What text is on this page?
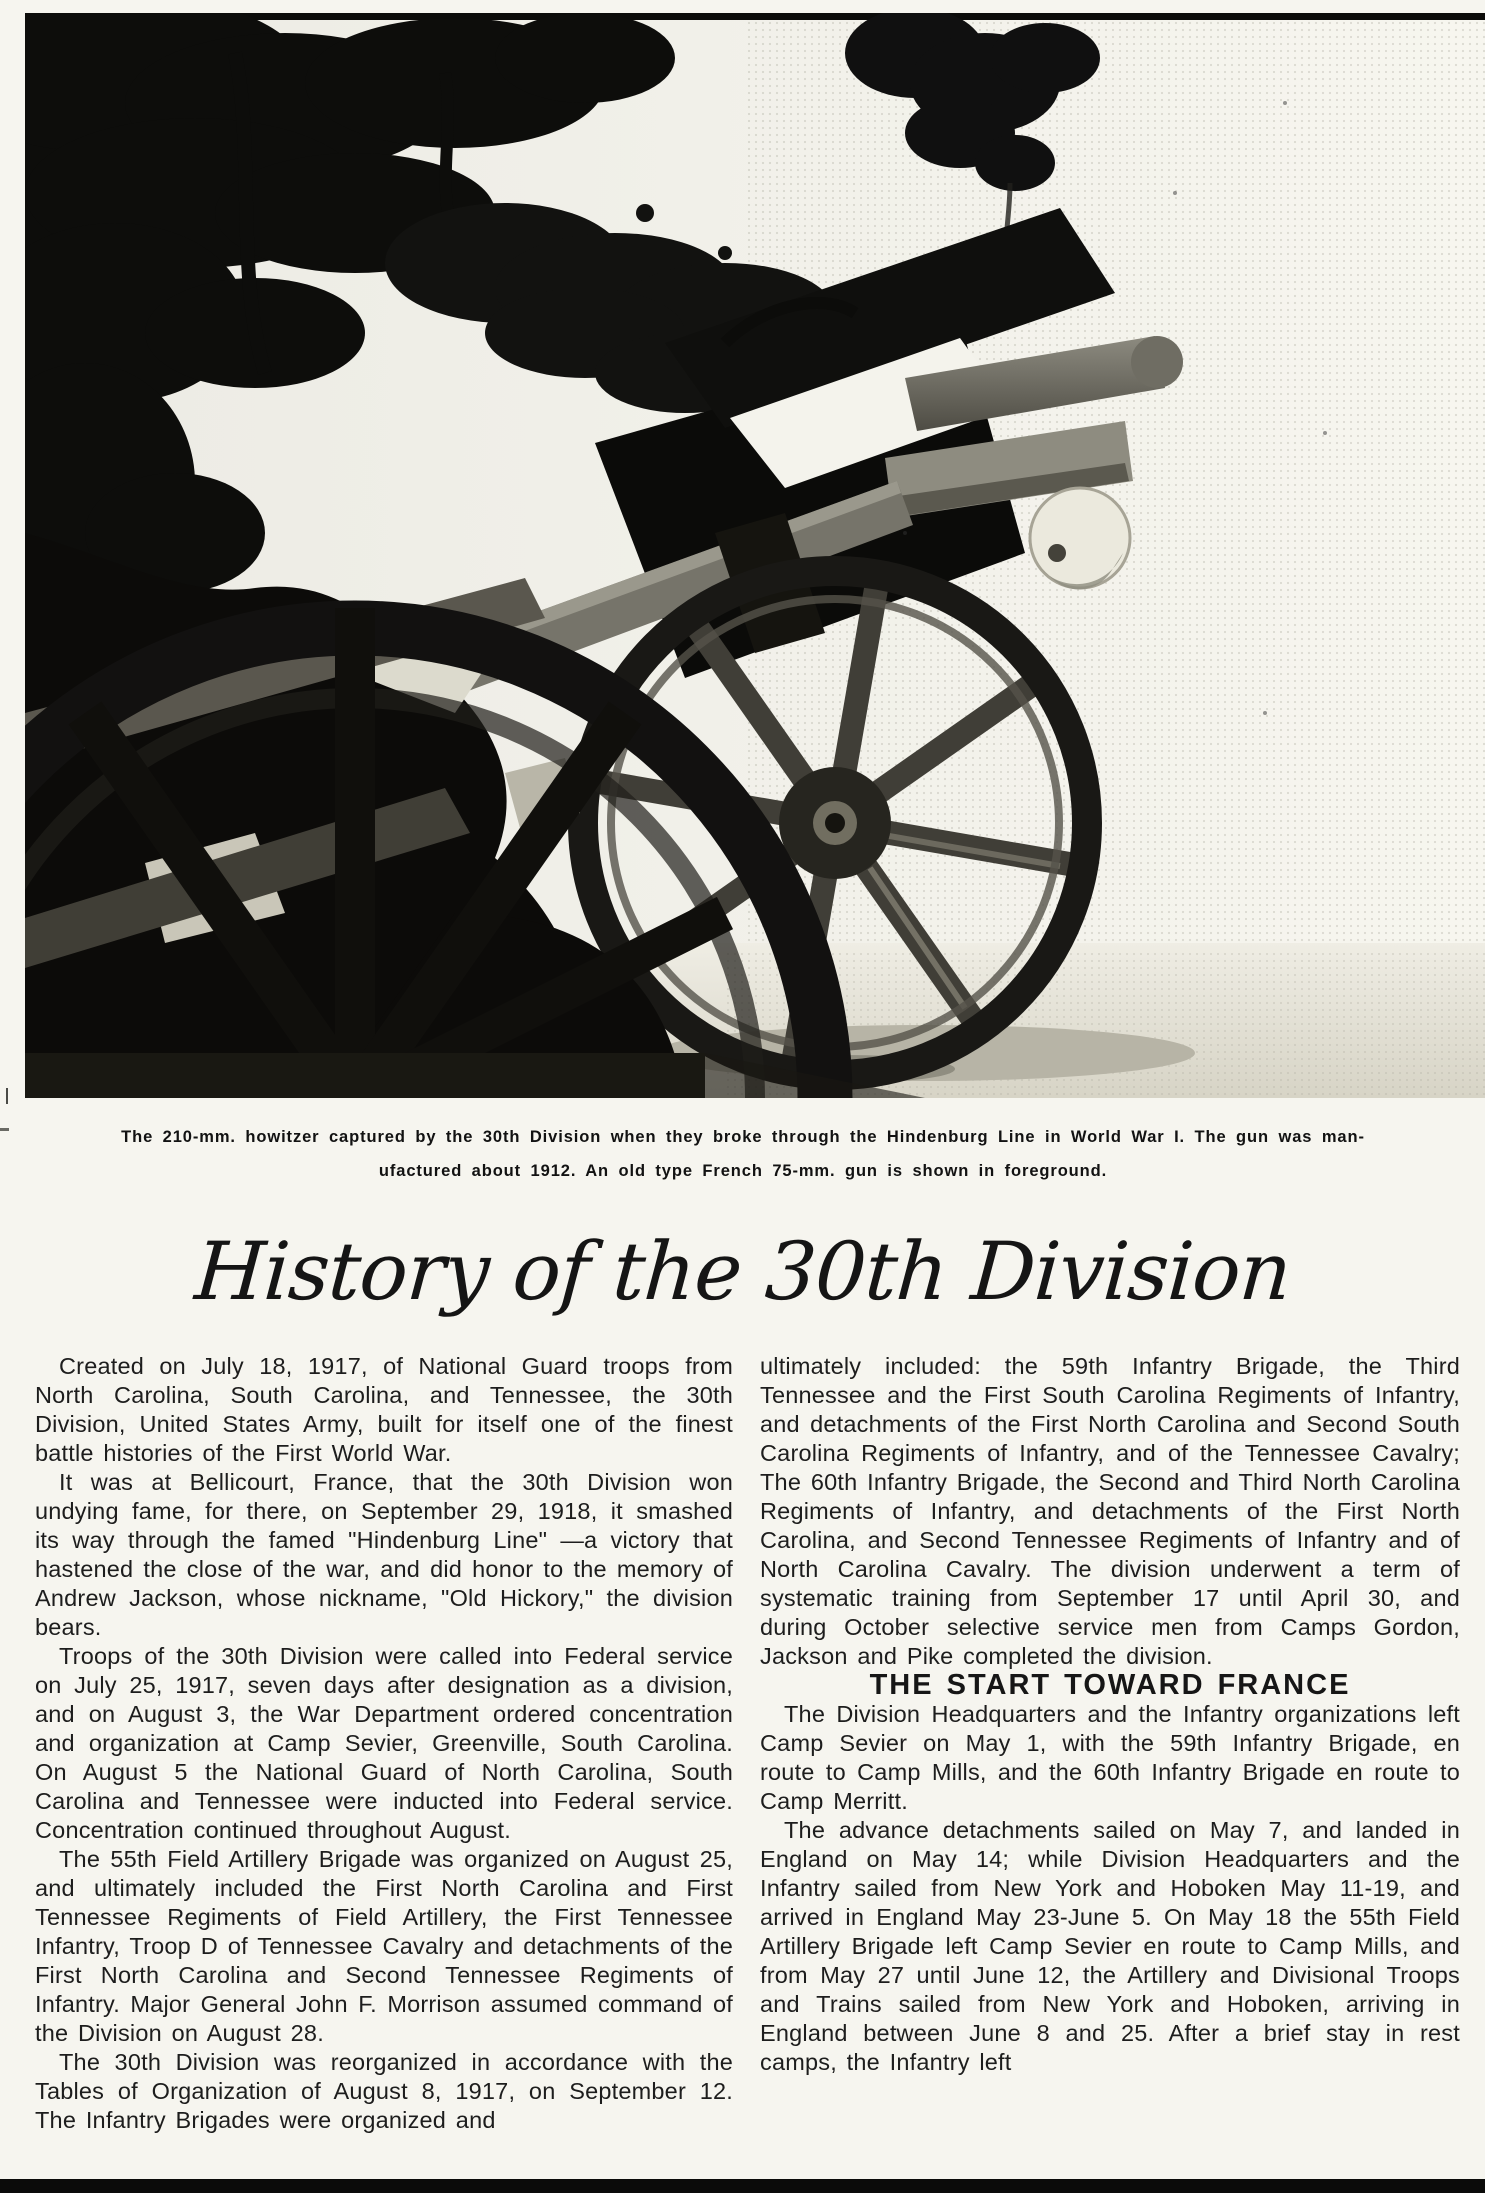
The 210-mm. howitzer captured by the 30th Division when they broke through the Hindenburg Line in World War I. The gun was man-
ufactured about 1912. An old type French 75-mm. gun is shown in foreground.
History of the 30th Division

Created on July 18, 1917, of National Guard troops from North Carolina, South Carolina, and Tennessee, the 30th Division, United States Army, built for itself one of the finest battle histories of the First World War.

It was at Bellicourt, France, that the 30th Division won undying fame, for there, on September 29, 1918, it smashed its way through the famed "Hindenburg Line" —a victory that hastened the close of the war, and did honor to the memory of Andrew Jackson, whose nickname, "Old Hickory," the division bears.

Troops of the 30th Division were called into Federal service on July 25, 1917, seven days after designation as a division, and on August 3, the War Department ordered concentration and organization at Camp Sevier, Greenville, South Carolina. On August 5 the National Guard of North Carolina, South Carolina and Tennessee were inducted into Federal service. Concentration continued throughout August.

The 55th Field Artillery Brigade was organized on August 25, and ultimately included the First North Carolina and First Tennessee Regiments of Field Artillery, the First Tennessee Infantry, Troop D of Tennessee Cavalry and detachments of the First North Carolina and Second Tennessee Regiments of Infantry. Major General John F. Morrison assumed command of the Division on August 28.

The 30th Division was reorganized in accordance with the Tables of Organization of August 8, 1917, on September 12. The Infantry Brigades were organized and

ultimately included: the 59th Infantry Brigade, the Third Tennessee and the First South Carolina Regiments of Infantry, and detachments of the First North Carolina and Second South Carolina Regiments of Infantry, and of the Tennessee Cavalry; The 60th Infantry Brigade, the Second and Third North Carolina Regiments of Infantry, and detachments of the First North Carolina, and Second Tennessee Regiments of Infantry and of North Carolina Cavalry. The division underwent a term of systematic training from September 17 until April 30, and during October selective service men from Camps Gordon, Jackson and Pike completed the division.

THE START TOWARD FRANCE

The Division Headquarters and the Infantry organizations left Camp Sevier on May 1, with the 59th Infantry Brigade, en route to Camp Mills, and the 60th Infantry Brigade en route to Camp Merritt.

The advance detachments sailed on May 7, and landed in England on May 14; while Division Headquarters and the Infantry sailed from New York and Hoboken May 11-19, and arrived in England May 23-June 5. On May 18 the 55th Field Artillery Brigade left Camp Sevier en route to Camp Mills, and from May 27 until June 12, the Artillery and Divisional Troops and Trains sailed from New York and Hoboken, arriving in England between June 8 and 25. After a brief stay in rest camps, the Infantry left
